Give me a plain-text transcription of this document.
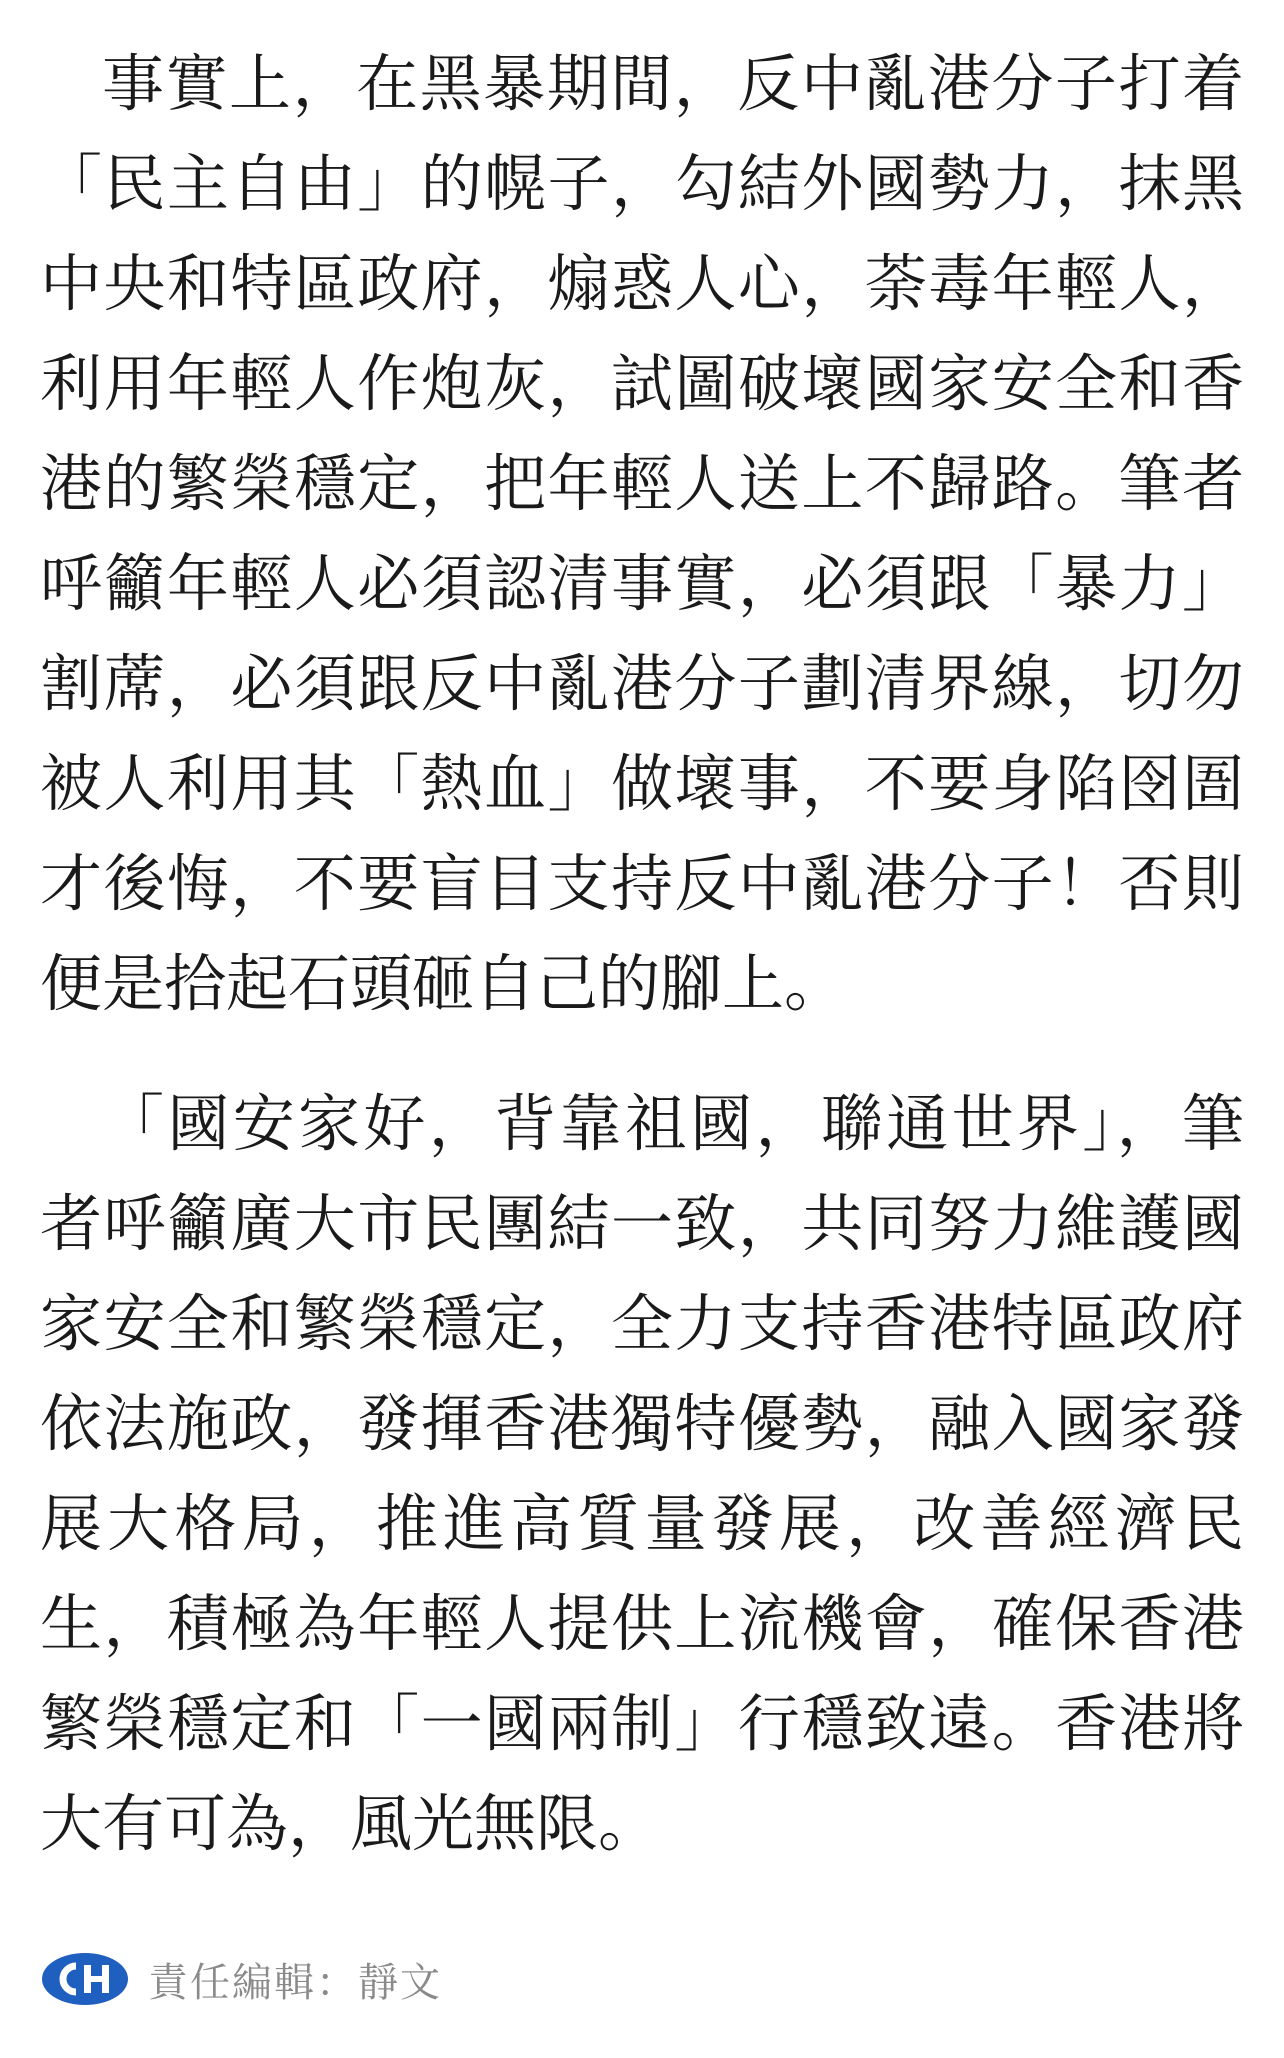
事實上，在黑暴期間，反中亂港分子打着
「民主自由」的幌子，勾結外國勢力，抹黑
中央和特區政府，煽惑人心，荼毒年輕人，
利用年輕人作炮灰，試圖破壞國家安全和香
港的繁榮穩定，把年輕人送上不歸路。筆者
呼籲年輕人必須認清事實，必須跟「暴力」
割蓆，必須跟反中亂港分子劃清界線，切勿
被人利用其「熱血」做壞事，不要身陷囹圄
才後悔，不要盲目支持反中亂港分子！否則
便是拾起石頭砸自己的腳上。
「國安家好，背靠祖國，聯通世界」，筆
者呼籲廣大市民團結一致，共同努力維護國
家安全和繁榮穩定，全力支持香港特區政府
依法施政，發揮香港獨特優勢，融入國家發
展大格局，推進高質量發展，改善經濟民
生，積極為年輕人提供上流機會，確保香港
繁榮穩定和「一國兩制」行穩致遠。香港將
大有可為，風光無限。
責任編輯：靜文
